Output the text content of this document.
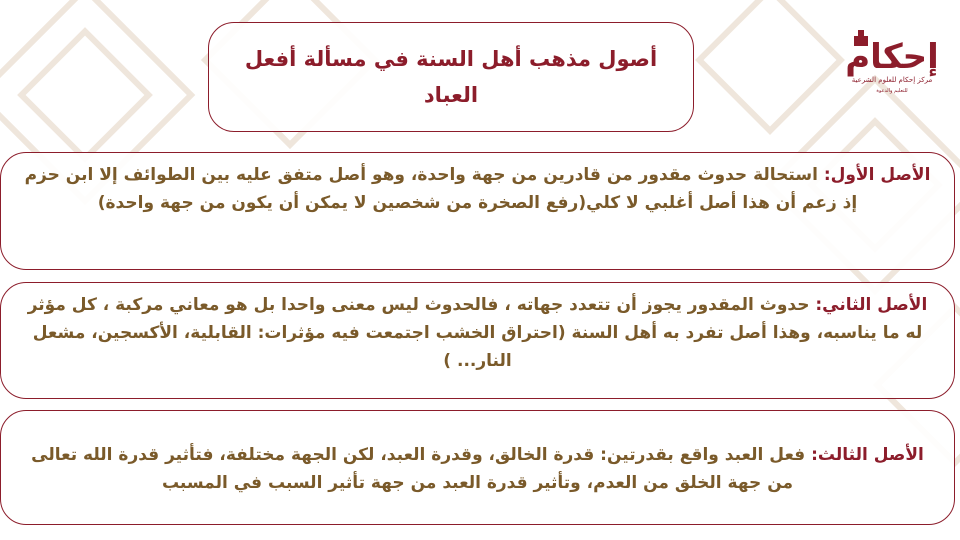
إحكام
مركز إحكام للعلوم الشرعية
للتعليم والدعوة
أصول مذهب أهل السنة في مسألة أفعل العباد
الأصل الأول: استحالة حدوث مقدور من قادرين من جهة واحدة، وهو أصل متفق عليه بين الطوائف إلا ابن حزم إذ زعم أن هذا أصل أغلبي لا كلي(رفع الصخرة من شخصين لا يمكن أن يكون من جهة واحدة)
الأصل الثاني: حدوث المقدور يجوز أن تتعدد جهاته ، فالحدوث ليس معنى واحدا بل هو معاني مركبة ، كل مؤثر له ما يناسبه، وهذا أصل تفرد به أهل السنة (احتراق الخشب اجتمعت فيه مؤثرات: القابلية، الأكسجين، مشعل النار... )
الأصل الثالث: فعل العبد واقع بقدرتين: قدرة الخالق، وقدرة العبد، لكن الجهة مختلفة، فتأثير قدرة الله تعالى من جهة الخلق من العدم، وتأثير قدرة العبد من جهة تأثير السبب في المسبب
